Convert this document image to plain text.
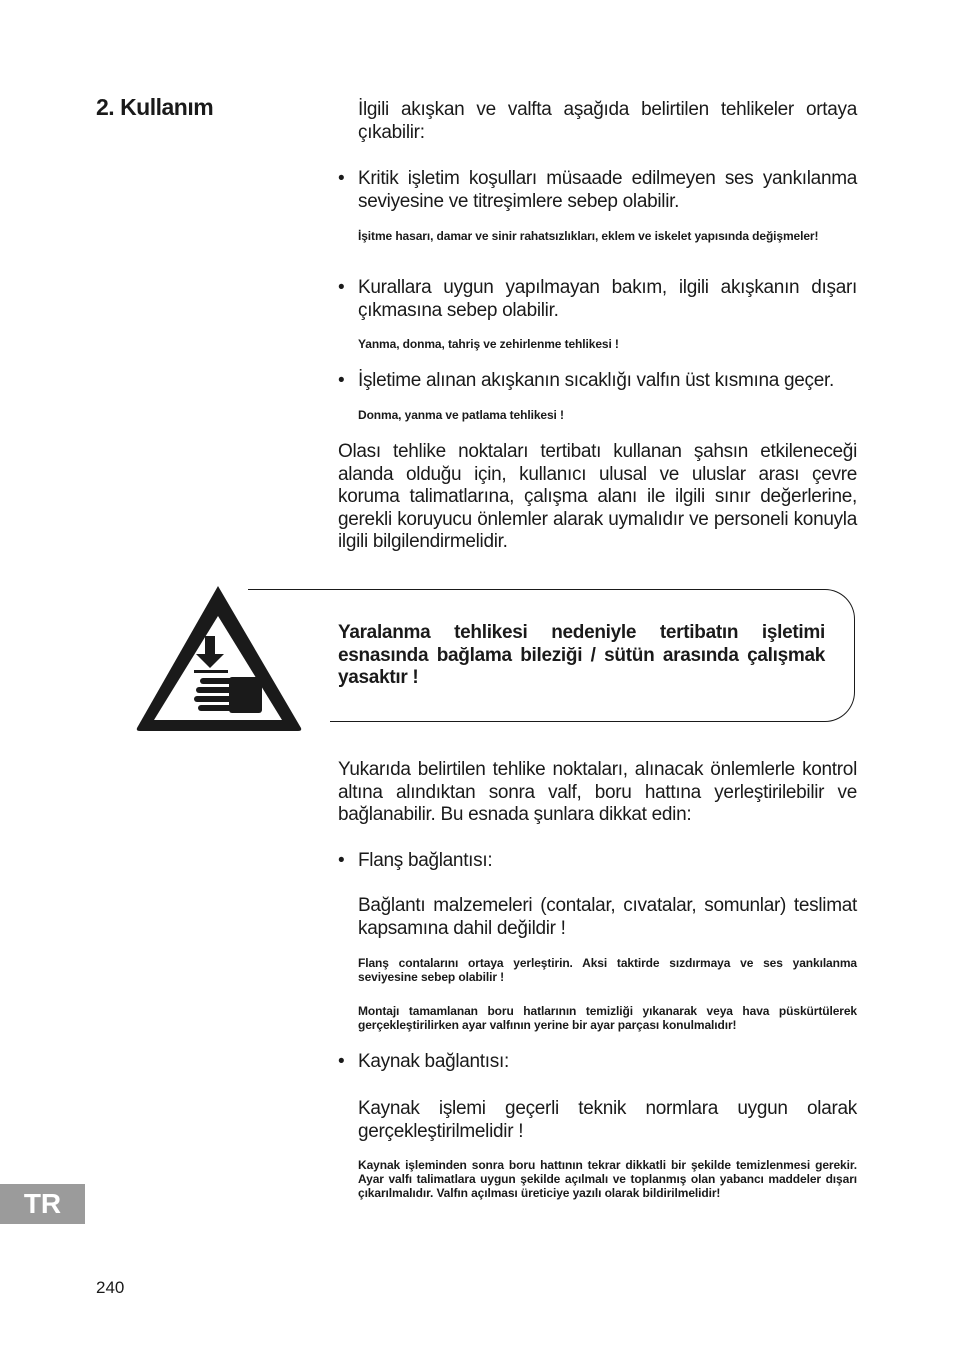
2. Kullanım	İlgili akışkan ve valfta aşağıda belirtilen tehlikeler ortaya çıkabilir:
• Kritik işletim koşulları müsaade edilmeyen ses yankılanma seviyesine ve titreşimlere sebep olabilir.
İşitme hasarı, damar ve sinir rahatsızlıkları, eklem ve iskelet yapısında değişmeler!
• Kurallara uygun yapılmayan bakım, ilgili akışkanın dışarı çıkmasına sebep olabilir.
Yanma, donma, tahriş ve zehirlenme tehlikesi !
• İşletime alınan akışkanın sıcaklığı valfın üst kısmına geçer.
Donma, yanma ve patlama tehlikesi !
Olası tehlike noktaları tertibatı kullanan şahsın etkileneceği alanda olduğu için, kullanıcı ulusal ve uluslar arası çevre koruma talimatlarına, çalışma alanı ile ilgili sınır değerlerine, gerekli koruyucu önlemler alarak uymalıdır ve personeli konuyla ilgili bilgilendirmelidir.
Yaralanma tehlikesi nedeniyle tertibatın işletimi esnasında bağlama bileziği / sütün arasında çalışmak yasaktır !
Yukarıda belirtilen tehlike noktaları, alınacak önlemlerle kontrol altına alındıktan sonra valf, boru hattına yerleştirilebilir ve bağlanabilir. Bu esnada şunlara dikkat edin:
• Flanş bağlantısı:
Bağlantı malzemeleri (contalar, cıvatalar, somunlar) teslimat kapsamına dahil değildir !
Flanş contalarını ortaya yerleştirin. Aksi taktirde sızdırmaya ve ses yankılanma seviyesine sebep olabilir !
Montajı tamamlanan boru hatlarının temizliği yıkanarak veya hava püskürtülerek gerçekleştirilirken ayar valfının yerine bir ayar parçası konulmalıdır!
• Kaynak bağlantısı:
Kaynak işlemi geçerli teknik normlara uygun olarak gerçekleştirilmelidir !
Kaynak işleminden sonra boru hattının tekrar dikkatli bir şekilde temizlenmesi gerekir. Ayar valfı talimatlara uygun şekilde açılmalı ve toplanmış olan yabancı maddeler dışarı çıkarılmalıdır. Valfın açılması üreticiye yazılı olarak bildirilmelidir!
TR
240
